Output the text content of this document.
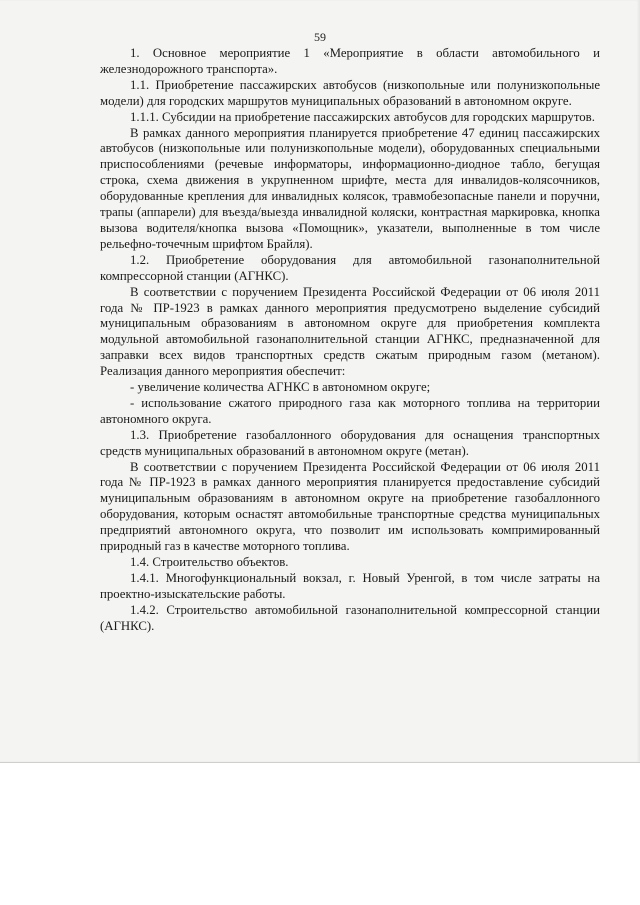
59

1. Основное мероприятие 1 «Мероприятие в области автомобильного и железнодорожного транспорта».

1.1. Приобретение пассажирских автобусов (низкопольные или полунизкопольные модели) для городских маршрутов муниципальных образований в автономном округе.

1.1.1. Субсидии на приобретение пассажирских автобусов для городских маршрутов.

В рамках данного мероприятия планируется приобретение 47 единиц пассажирских автобусов (низкопольные или полунизкопольные модели), оборудованных специальными приспособлениями (речевые информаторы, информационно-диодное табло, бегущая строка, схема движения в укрупненном шрифте, места для инвалидов-колясочников, оборудованные крепления для инвалидных колясок, травмобезопасные панели и поручни, трапы (аппарели) для въезда/выезда инвалидной коляски, контрастная маркировка, кнопка вызова водителя/кнопка вызова «Помощник», указатели, выполненные в том числе рельефно-точечным шрифтом Брайля).

1.2. Приобретение оборудования для автомобильной газонаполнительной компрессорной станции (АГНКС).

В соответствии с поручением Президента Российской Федерации от 06 июля 2011 года № ПР-1923 в рамках данного мероприятия предусмотрено выделение субсидий муниципальным образованиям в автономном округе для приобретения комплекта модульной автомобильной газонаполнительной станции АГНКС, предназначенной для заправки всех видов транспортных средств сжатым природным газом (метаном). Реализация данного мероприятия обеспечит:

- увеличение количества АГНКС в автономном округе;

- использование сжатого природного газа как моторного топлива на территории автономного округа.

1.3. Приобретение газобаллонного оборудования для оснащения транспортных средств муниципальных образований в автономном округе (метан).

В соответствии с поручением Президента Российской Федерации от 06 июля 2011 года № ПР-1923 в рамках данного мероприятия планируется предоставление субсидий муниципальным образованиям в автономном округе на приобретение газобаллонного оборудования, которым оснастят автомобильные транспортные средства муниципальных предприятий автономного округа, что позволит им использовать компримированный природный газ в качестве моторного топлива.

1.4. Строительство объектов.

1.4.1. Многофункциональный вокзал, г. Новый Уренгой, в том числе затраты на проектно-изыскательские работы.

1.4.2. Строительство автомобильной газонаполнительной компрессорной станции (АГНКС).
